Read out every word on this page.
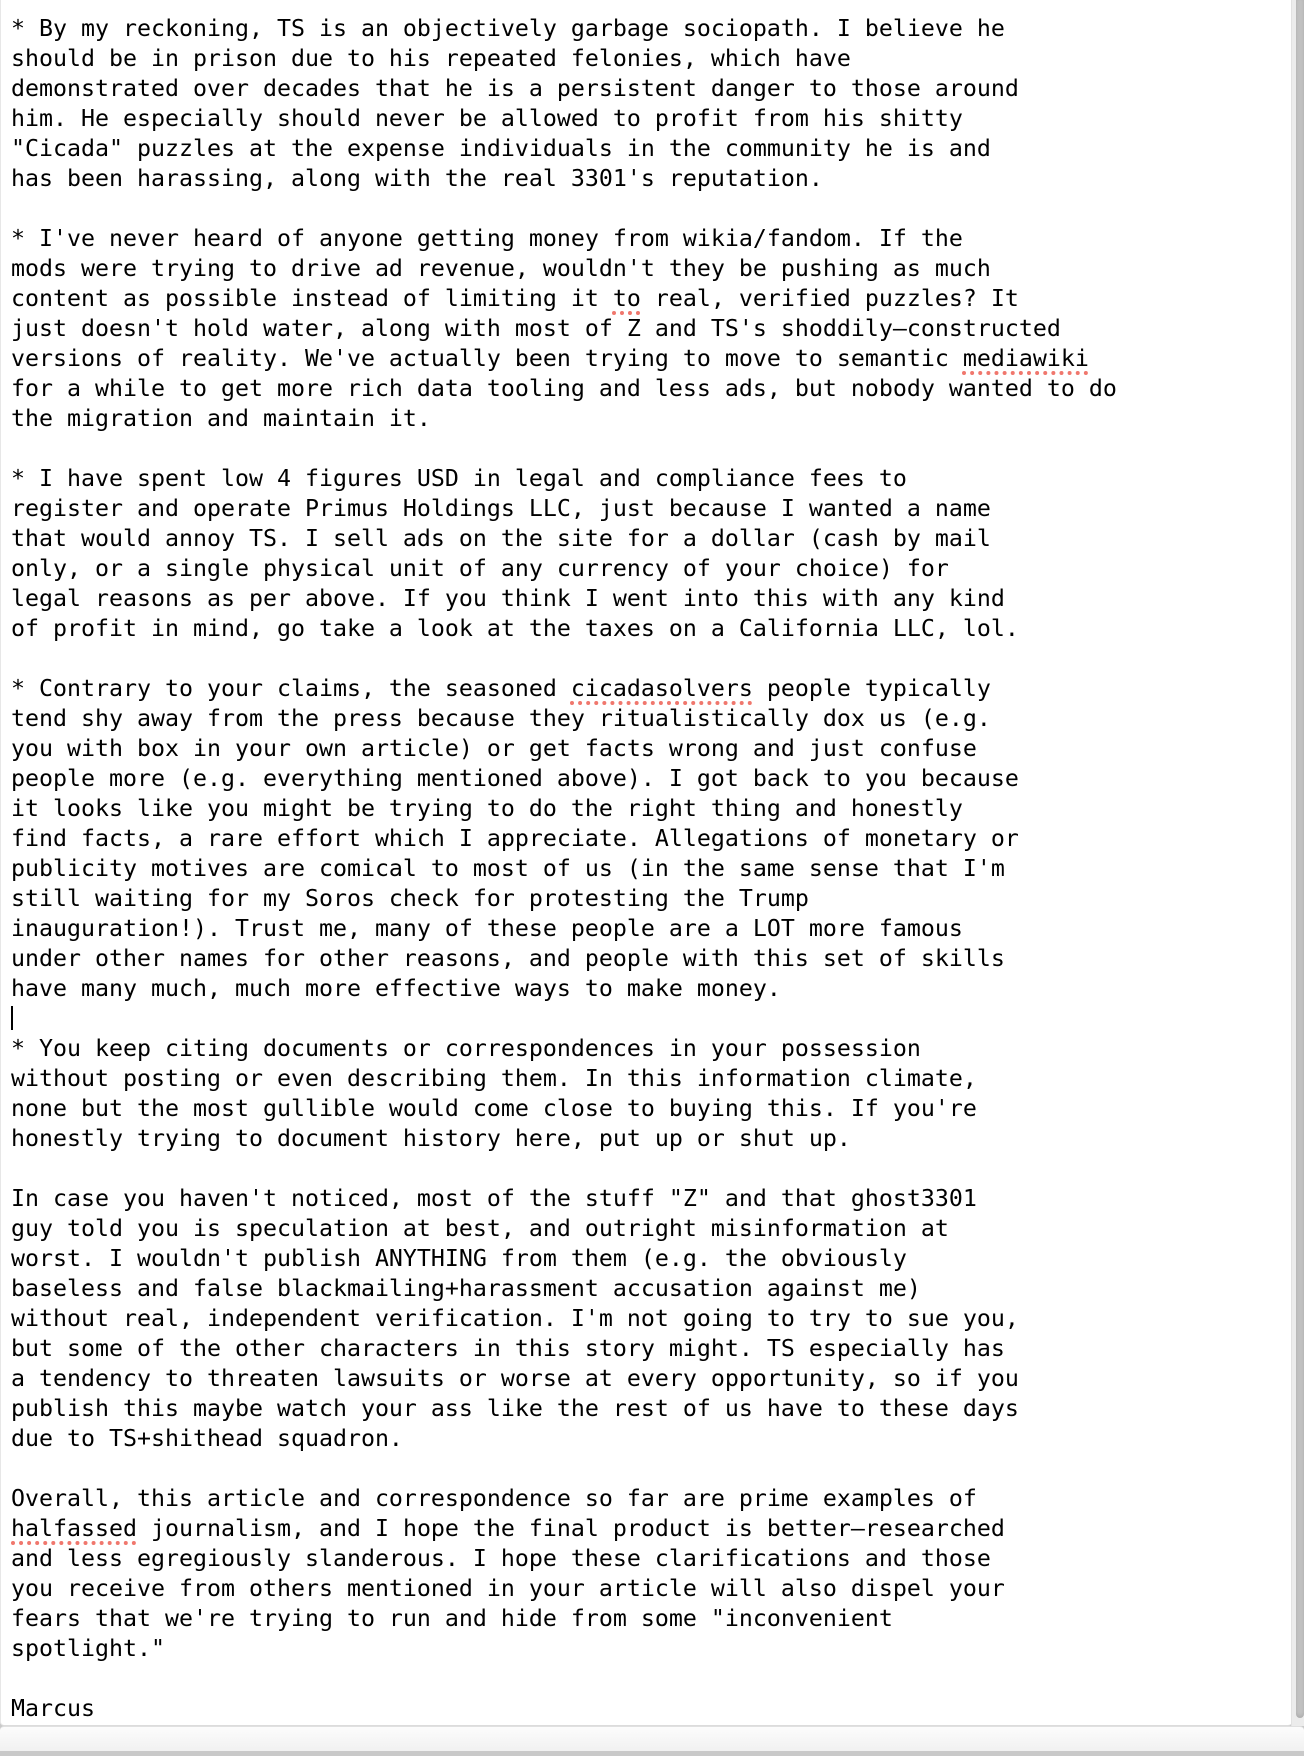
* By my reckoning, TS is an objectively garbage sociopath. I believe he
should be in prison due to his repeated felonies, which have
demonstrated over decades that he is a persistent danger to those around
him. He especially should never be allowed to profit from his shitty
"Cicada" puzzles at the expense individuals in the community he is and
has been harassing, along with the real 3301's reputation.
* I've never heard of anyone getting money from wikia/fandom. If the
mods were trying to drive ad revenue, wouldn't they be pushing as much
content as possible instead of limiting it to real, verified puzzles? It
just doesn't hold water, along with most of Z and TS's shoddily—constructed
versions of reality. We've actually been trying to move to semantic mediawiki
for a while to get more rich data tooling and less ads, but nobody wanted to do
the migration and maintain it.
* I have spent low 4 figures USD in legal and compliance fees to
register and operate Primus Holdings LLC, just because I wanted a name
that would annoy TS. I sell ads on the site for a dollar (cash by mail
only, or a single physical unit of any currency of your choice) for
legal reasons as per above. If you think I went into this with any kind
of profit in mind, go take a look at the taxes on a California LLC, lol.
* Contrary to your claims, the seasoned cicadasolvers people typically
tend shy away from the press because they ritualistically dox us (e.g.
you with box in your own article) or get facts wrong and just confuse
people more (e.g. everything mentioned above). I got back to you because
it looks like you might be trying to do the right thing and honestly
find facts, a rare effort which I appreciate. Allegations of monetary or
publicity motives are comical to most of us (in the same sense that I'm
still waiting for my Soros check for protesting the Trump
inauguration!). Trust me, many of these people are a LOT more famous
under other names for other reasons, and people with this set of skills
have many much, much more effective ways to make money.
* You keep citing documents or correspondences in your possession
without posting or even describing them. In this information climate,
none but the most gullible would come close to buying this. If you're
honestly trying to document history here, put up or shut up.
In case you haven't noticed, most of the stuff "Z" and that ghost3301
guy told you is speculation at best, and outright misinformation at
worst. I wouldn't publish ANYTHING from them (e.g. the obviously
baseless and false blackmailing+harassment accusation against me)
without real, independent verification. I'm not going to try to sue you,
but some of the other characters in this story might. TS especially has
a tendency to threaten lawsuits or worse at every opportunity, so if you
publish this maybe watch your ass like the rest of us have to these days
due to TS+shithead squadron.
Overall, this article and correspondence so far are prime examples of
halfassed journalism, and I hope the final product is better—researched
and less egregiously slanderous. I hope these clarifications and those
you receive from others mentioned in your article will also dispel your
fears that we're trying to run and hide from some "inconvenient
spotlight."
Marcus
